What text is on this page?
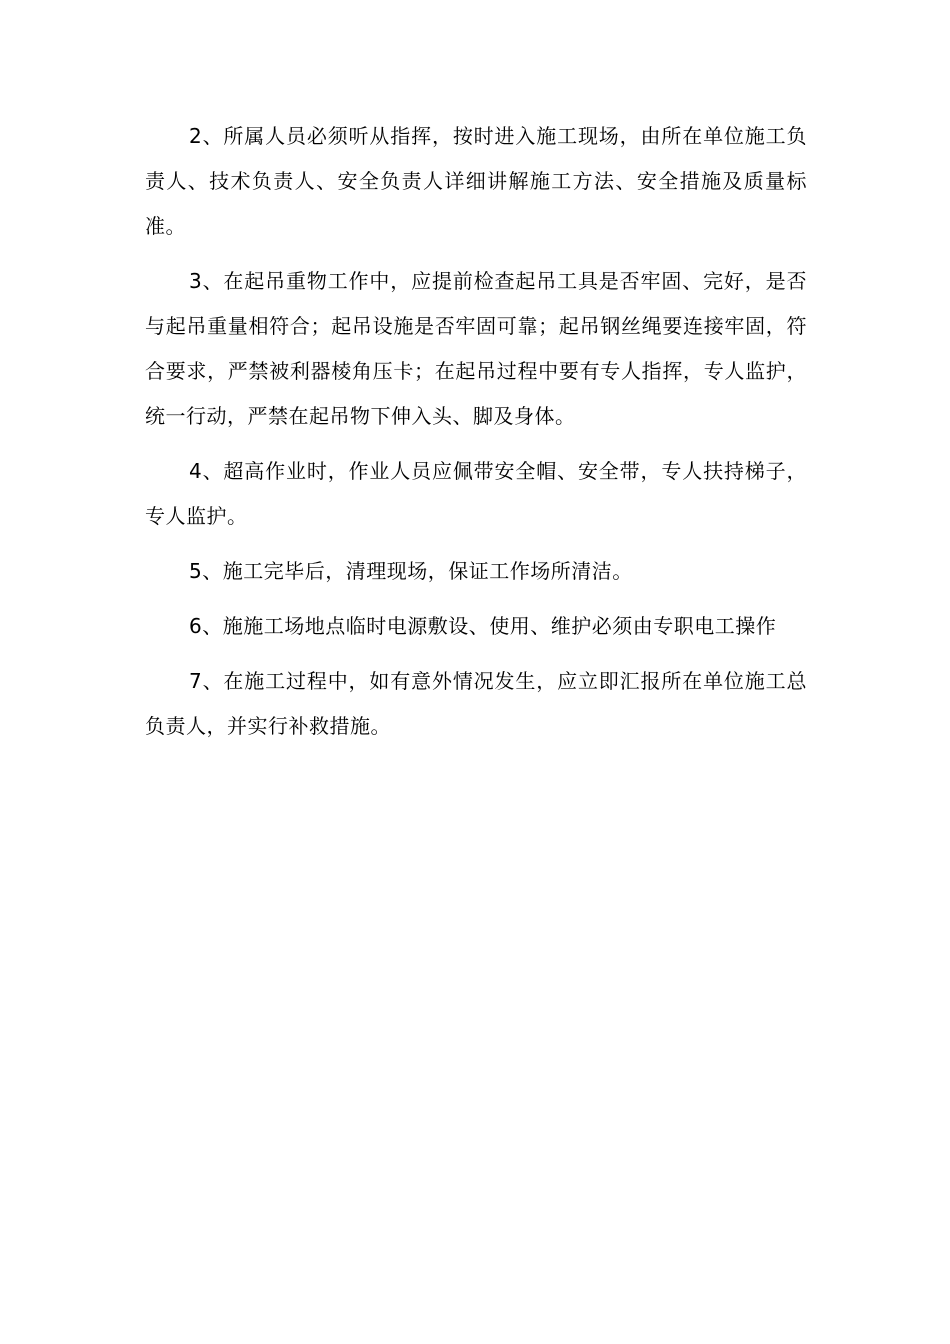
2、所属人员必须听从指挥，按时进入施工现场，由所在单位施工负责人、技术负责人、安全负责人详细讲解施工方法、安全措施及质量标准。

3、在起吊重物工作中，应提前检查起吊工具是否牢固、完好，是否与起吊重量相符合；起吊设施是否牢固可靠；起吊钢丝绳要连接牢固，符合要求，严禁被利器棱角压卡；在起吊过程中要有专人指挥，专人监护，统一行动，严禁在起吊物下伸入头、脚及身体。

4、超高作业时，作业人员应佩带安全帽、安全带，专人扶持梯子，专人监护。

5、施工完毕后，清理现场，保证工作场所清洁。

6、施施工场地点临时电源敷设、使用、维护必须由专职电工操作

7、在施工过程中，如有意外情况发生，应立即汇报所在单位施工总负责人，并实行补救措施。
